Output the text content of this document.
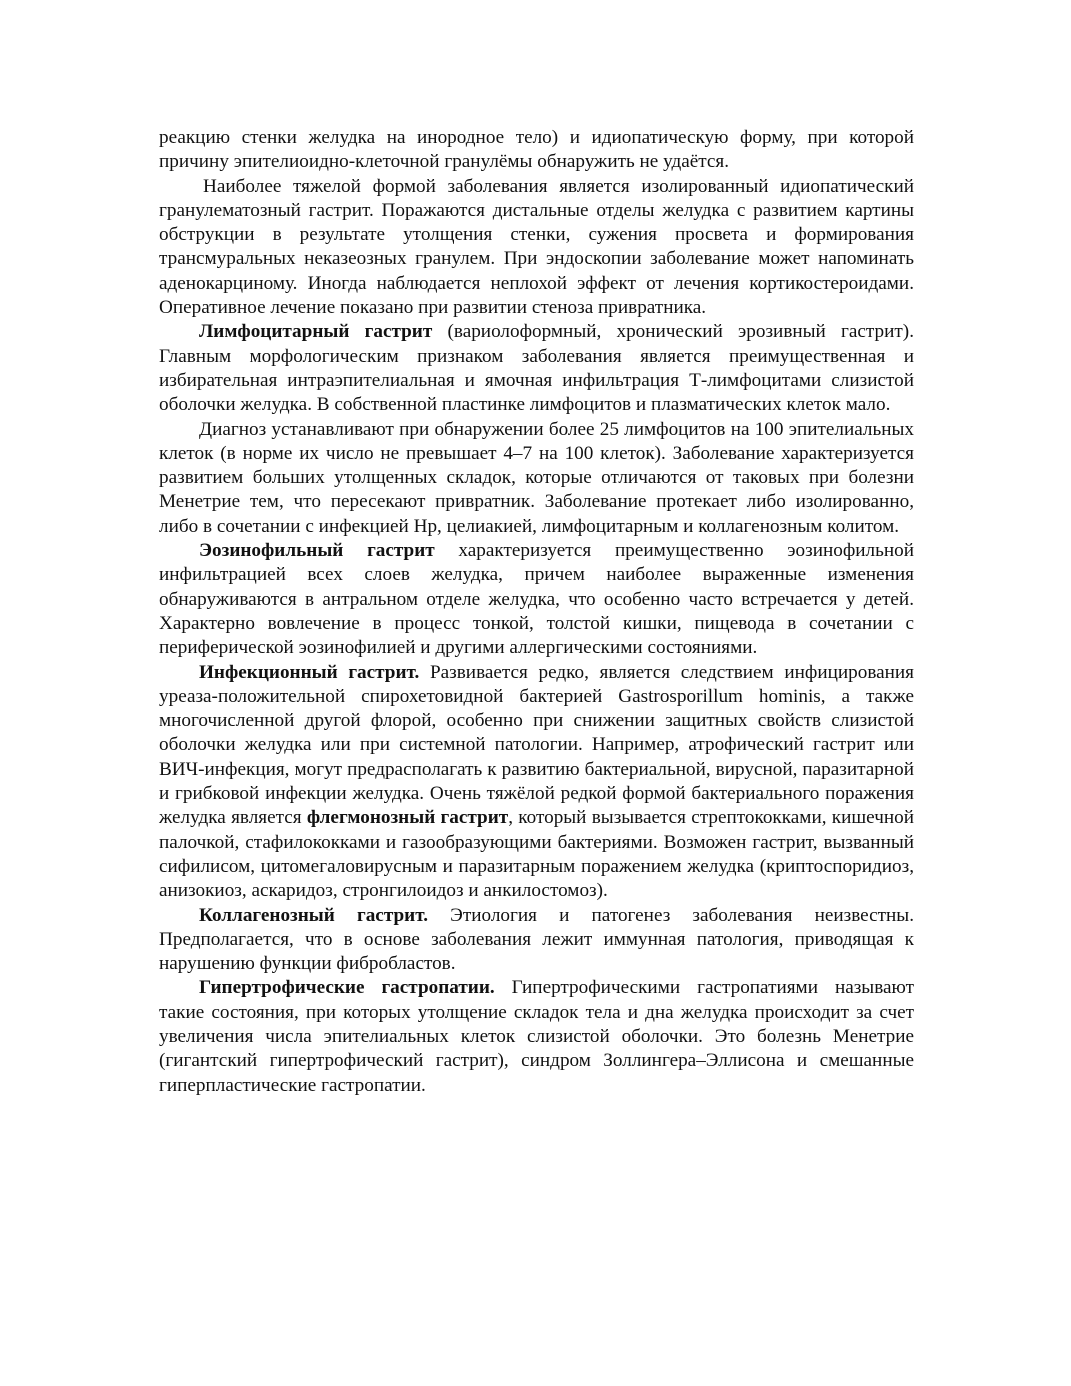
реакцию стенки желудка на инородное тело) и идиопатическую форму, при которой причину эпителиоидно-клеточной гранулёмы обнаружить не удаётся.

Наиболее тяжелой формой заболевания является изолированный идиопатический гранулематозный гастрит. Поражаются дистальные отделы желудка с развитием картины обструкции в результате утолщения стенки, сужения просвета и формирования трансмуральных неказеозных гранулем. При эндоскопии заболевание может напоминать аденокарциному. Иногда наблюдается неплохой эффект от лечения кортикостероидами. Оперативное лечение показано при развитии стеноза привратника.

Лимфоцитарный гастрит (вариолоформный, хронический эрозивный гастрит). Главным морфологическим признаком заболевания является преимущественная и избирательная интраэпителиальная и ямочная инфильтрация Т-лимфоцитами слизистой оболочки желудка. В собственной пластинке лимфоцитов и плазматических клеток мало.

Диагноз устанавливают при обнаружении более 25 лимфоцитов на 100 эпителиальных клеток (в норме их число не превышает 4–7 на 100 клеток). Заболевание характеризуется развитием больших утолщенных складок, которые отличаются от таковых при болезни Менетрие тем, что пересекают привратник. Заболевание протекает либо изолированно, либо в сочетании с инфекцией Нр, целиакией, лимфоцитарным и коллагенозным колитом.

Эозинофильный гастрит характеризуется преимущественно эозинофильной инфильтрацией всех слоев желудка, причем наиболее выраженные изменения обнаруживаются в антральном отделе желудка, что особенно часто встречается у детей. Характерно вовлечение в процесс тонкой, толстой кишки, пищевода в сочетании с периферической эозинофилией и другими аллергическими состояниями.

Инфекционный гастрит. Развивается редко, является следствием инфицирования уреаза-положительной спирохетовидной бактерией Gastrosporillum hominis, а также многочисленной другой флорой, особенно при снижении защитных свойств слизистой оболочки желудка или при системной патологии. Например, атрофический гастрит или ВИЧ-инфекция, могут предрасполагать к развитию бактериальной, вирусной, паразитарной и грибковой инфекции желудка. Очень тяжёлой редкой формой бактериального поражения желудка является флегмонозный гастрит, который вызывается стрептококками, кишечной палочкой, стафилококками и газообразующими бактериями. Возможен гастрит, вызванный сифилисом, цитомегаловирусным и паразитарным поражением желудка (криптоспоридиоз, анизокиоз, аскаридоз, стронгилоидоз и анкилостомоз).

Коллагенозный гастрит. Этиология и патогенез заболевания неизвестны. Предполагается, что в основе заболевания лежит иммунная патология, приводящая к нарушению функции фибробластов.

Гипертрофические гастропатии. Гипертрофическими гастропатиями называют такие состояния, при которых утолщение складок тела и дна желудка происходит за счет увеличения числа эпителиальных клеток слизистой оболочки. Это болезнь Менетрие (гигантский гипертрофический гастрит), синдром Золлингера–Эллисона и смешанные гиперпластические гастропатии.
